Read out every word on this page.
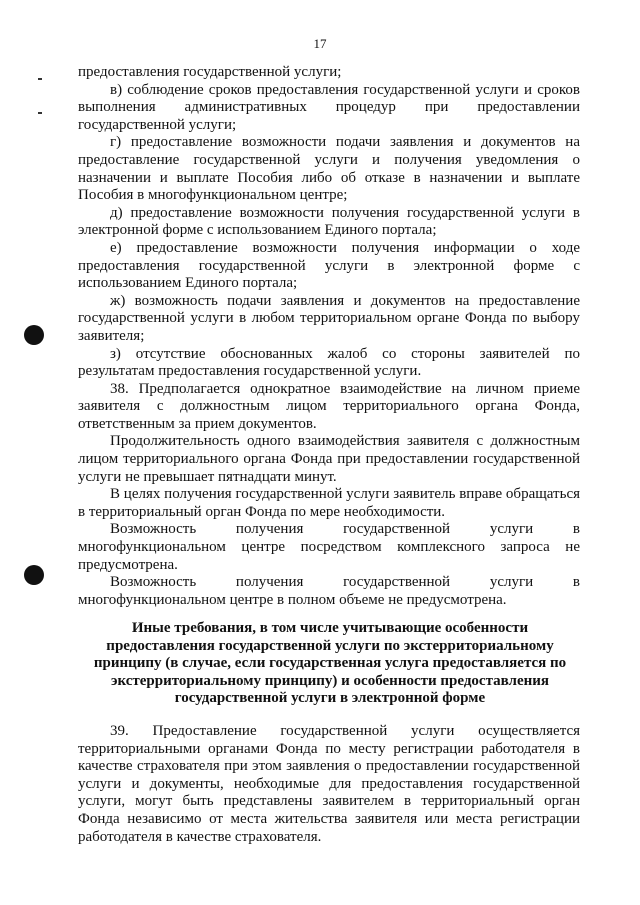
17

предоставления государственной услуги;

в) соблюдение сроков предоставления государственной услуги и сроков выполнения административных процедур при предоставлении государственной услуги;

г) предоставление возможности подачи заявления и документов на предоставление государственной услуги и получения уведомления о назначении и выплате Пособия либо об отказе в назначении и выплате Пособия в многофункциональном центре;

д) предоставление возможности получения государственной услуги в электронной форме с использованием Единого портала;

е) предоставление возможности получения информации о ходе предоставления государственной услуги в электронной форме с использованием Единого портала;

ж) возможность подачи заявления и документов на предоставление государственной услуги в любом территориальном органе Фонда по выбору заявителя;

з) отсутствие обоснованных жалоб со стороны заявителей по результатам предоставления государственной услуги.

38. Предполагается однократное взаимодействие на личном приеме заявителя с должностным лицом территориального органа Фонда, ответственным за прием документов.

Продолжительность одного взаимодействия заявителя с должностным лицом территориального органа Фонда при предоставлении государственной услуги не превышает пятнадцати минут.

В целях получения государственной услуги заявитель вправе обращаться в территориальный орган Фонда по мере необходимости.

Возможность получения государственной услуги в многофункциональном центре посредством комплексного запроса не предусмотрена.

Возможность получения государственной услуги в многофункциональном центре в полном объеме не предусмотрена.

Иные требования, в том числе учитывающие особенности предоставления государственной услуги по экстерриториальному принципу (в случае, если государственная услуга предоставляется по экстерриториальному принципу) и особенности предоставления государственной услуги в электронной форме

39. Предоставление государственной услуги осуществляется территориальными органами Фонда по месту регистрации работодателя в качестве страхователя при этом заявления о предоставлении государственной услуги и документы, необходимые для предоставления государственной услуги, могут быть представлены заявителем в территориальный орган Фонда независимо от места жительства заявителя или места регистрации работодателя в качестве страхователя.
